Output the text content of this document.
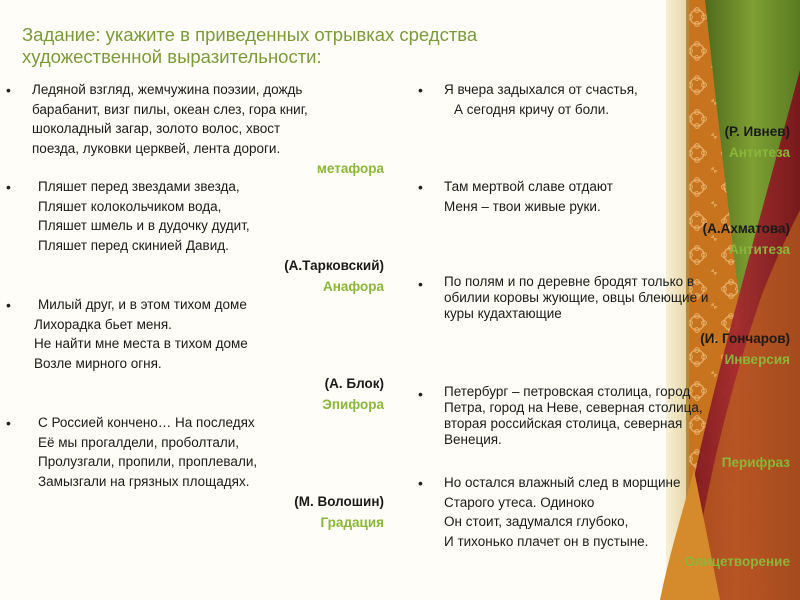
Задание: укажите в приведенных отрывках средства
художественной выразительности:
• Ледяной взгляд, жемчужина поэзии, дождь
барабанит, визг пилы, океан слез, гора книг,
шоколадный загар, золото волос, хвост
поезда, луковки церквей, лента дороги.
метафора
• Пляшет перед звездами звезда,
Пляшет колокольчиком вода,
Пляшет шмель и в дудочку дудит,
Пляшет перед скинией Давид.
(А.Тарковский)
Анафора
• Милый друг, и в этом тихом доме
Лихорадка бьет меня.
Не найти мне места в тихом доме
Возле мирного огня.
(А. Блок)
Эпифора
• С Россией кончено… На последях
Её мы прогалдели, проболтали,
Пролузгали, пропили, проплевали,
Замызгали на грязных площадях.
(М. Волошин)
Градация
• Я вчера задыхался от счастья,
А сегодня кричу от боли.
(Р. Ивнев)
Антитеза
• Там мертвой славе отдают
Меня – твои живые руки.
(А.Ахматова)
Антитеза
• По полям и по деревне бродят только в
обилии коровы жующие, овцы блеющие и
куры кудахтающие
(И. Гончаров)
Инверсия
• Петербург – петровская столица, город
Петра, город на Неве, северная столица,
вторая российская столица, северная
Венеция.
Перифраз
• Но остался влажный след в морщине
Старого утеса. Одиноко
Он стоит, задумался глубоко,
И тихонько плачет он в пустыне.
Олицетворение
